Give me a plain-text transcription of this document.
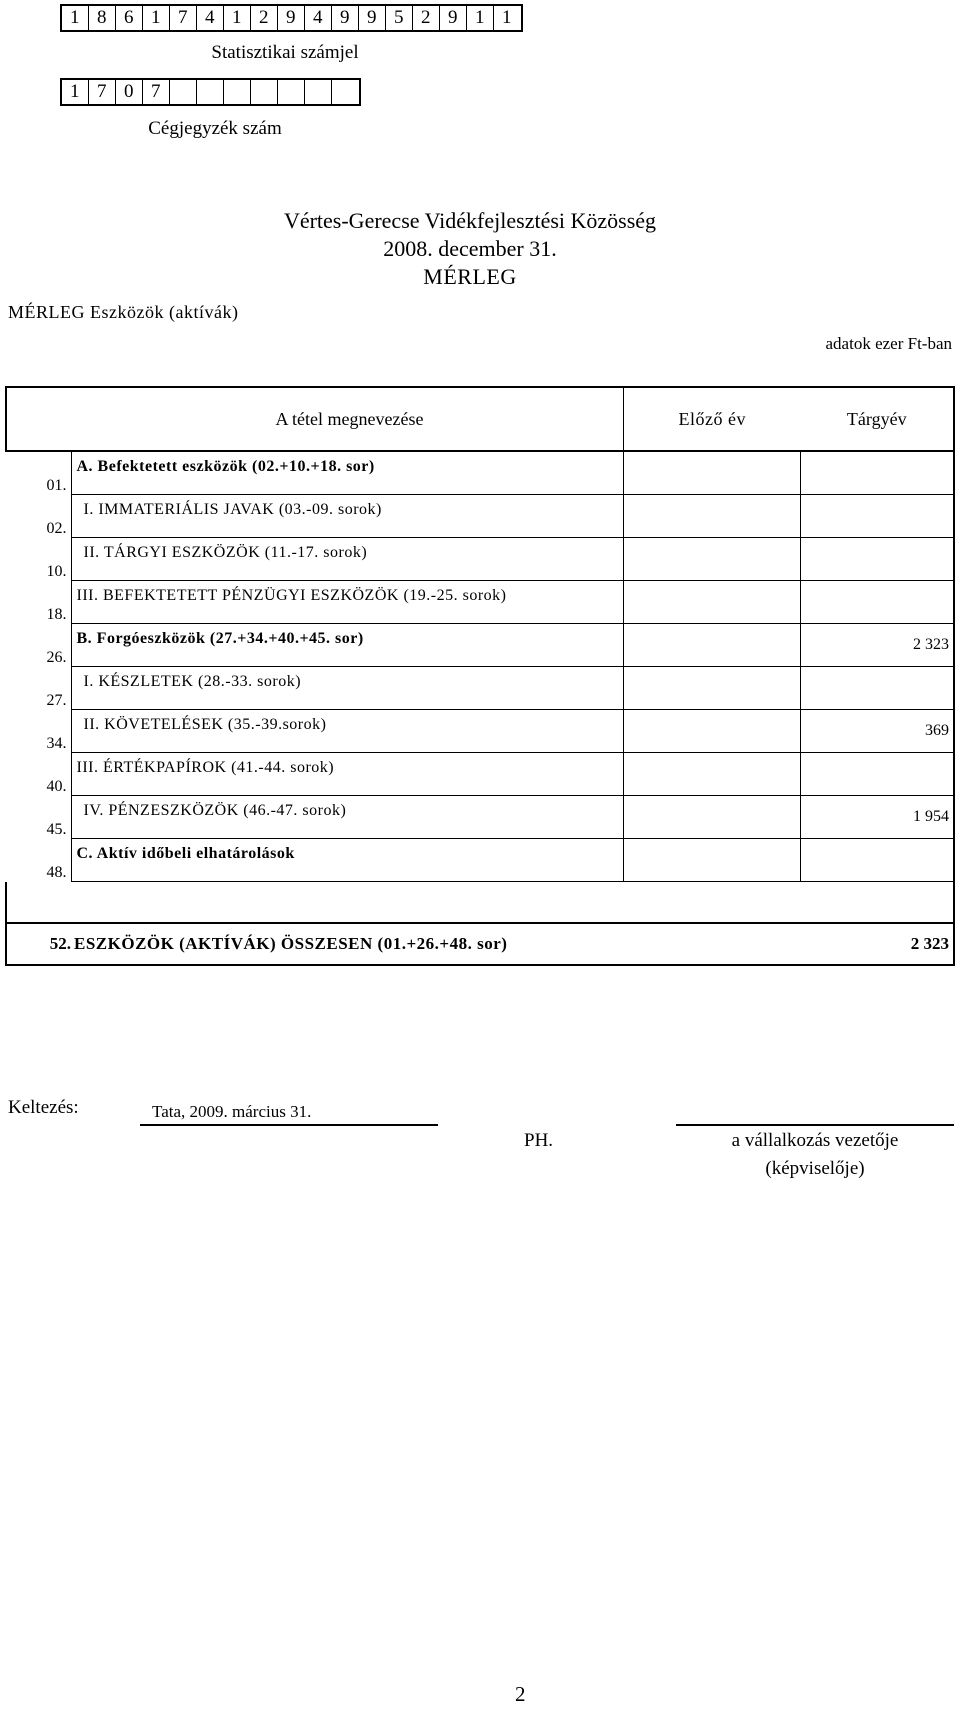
1 8 6 1 7 4 1 2 9 4 9 9 5 2 9 1 1
Statisztikai számjel
1 7 0 7
Cégjegyzék szám
Vértes-Gerecse Vidékfejlesztési Közösség
2008. december 31.
MÉRLEG
MÉRLEG Eszközök (aktívák)
adatok ezer Ft-ban
	A tétel megnevezése	Előző év	Tárgyév
01.	A. Befektetett eszközök (02.+10.+18. sor)		
02.	I. IMMATERIÁLIS JAVAK (03.-09. sorok)		
10.	II. TÁRGYI ESZKÖZÖK (11.-17. sorok)		
18.	III. BEFEKTETETT PÉNZÜGYI ESZKÖZÖK (19.-25. sorok)		
26.	B. Forgóeszközök (27.+34.+40.+45. sor)		2 323
27.	I. KÉSZLETEK (28.-33. sorok)		
34.	II. KÖVETELÉSEK (35.-39.sorok)		369
40.	III. ÉRTÉKPAPÍROK (41.-44. sorok)		
45.	IV. PÉNZESZKÖZÖK (46.-47. sorok)		1 954
48.	C. Aktív időbeli elhatárolások		

52.	ESZKÖZÖK (AKTÍVÁK) ÖSSZESEN (01.+26.+48. sor)		2 323
Keltezés:	Tata, 2009. március 31.
PH.	a vállalkozás vezetője
(képviselője)
2
